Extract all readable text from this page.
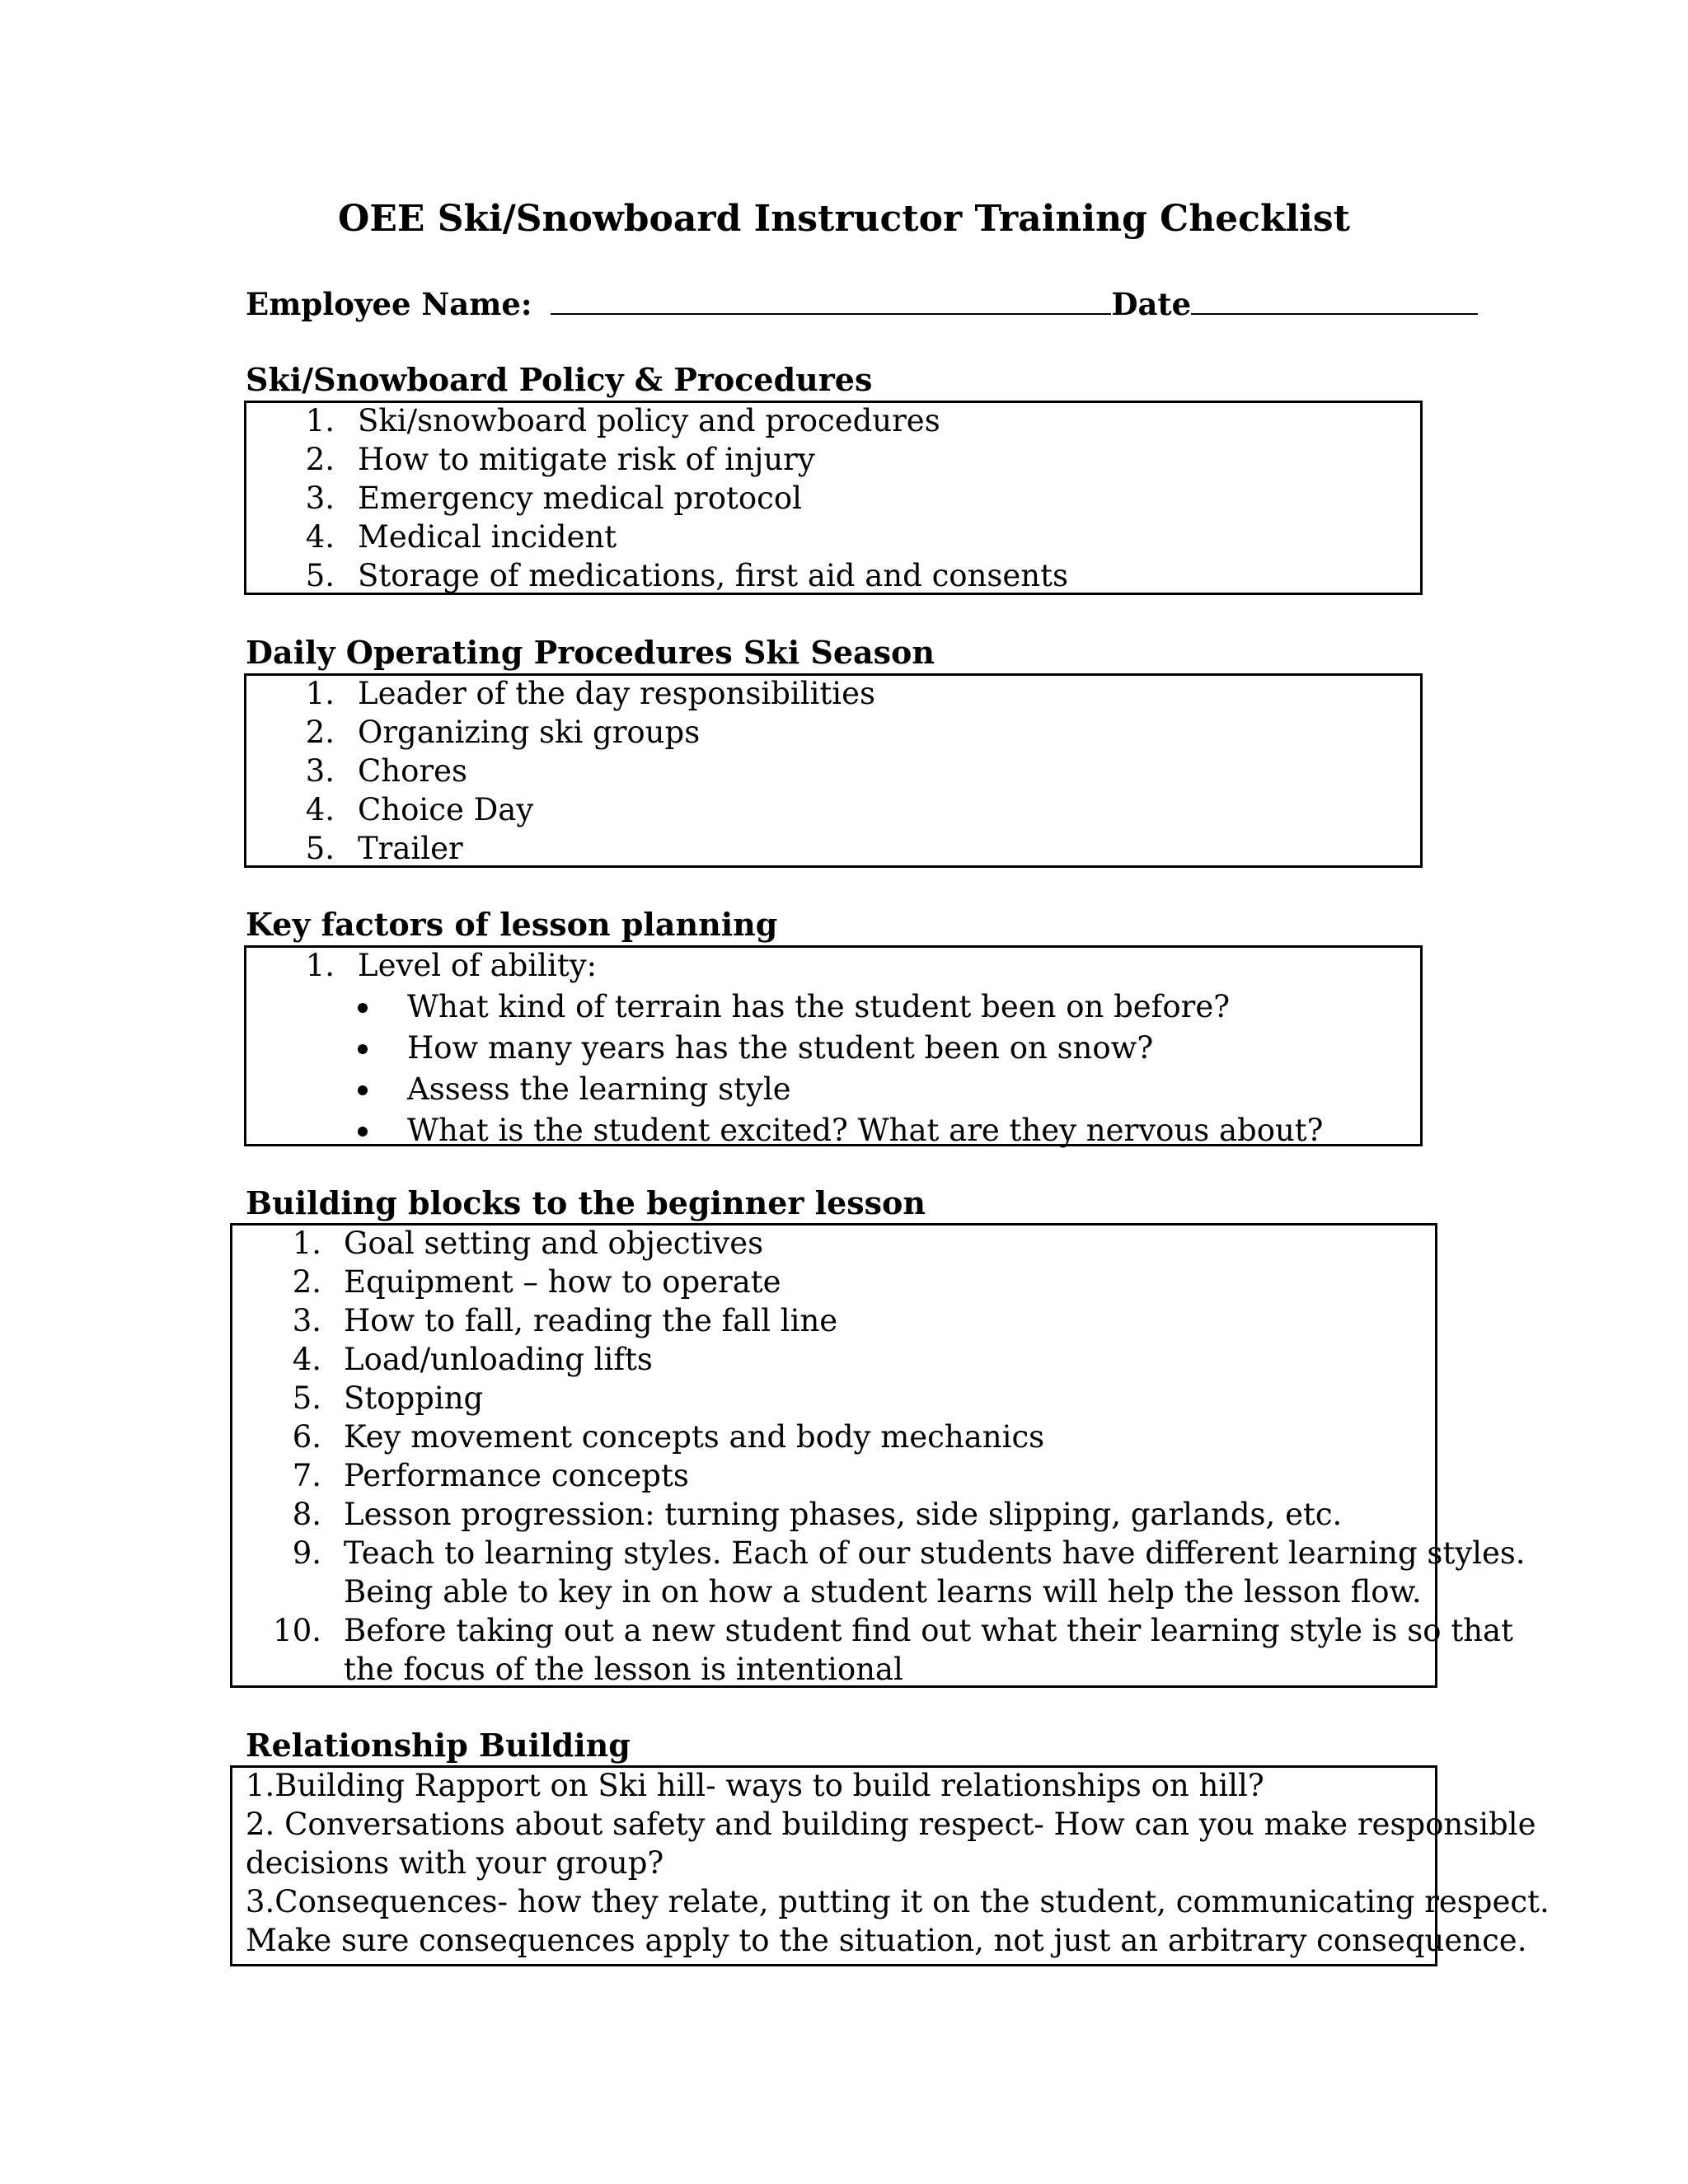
OEE Ski/Snowboard Instructor Training Checklist
Employee Name:	Date
Ski/Snowboard Policy & Procedures
1. Ski/snowboard policy and procedures
2. How to mitigate risk of injury
3. Emergency medical protocol
4. Medical incident
5. Storage of medications, first aid and consents
Daily Operating Procedures Ski Season
1. Leader of the day responsibilities
2. Organizing ski groups
3. Chores
4. Choice Day
5. Trailer
Key factors of lesson planning
1. Level of ability:
What kind of terrain has the student been on before?
How many years has the student been on snow?
Assess the learning style
What is the student excited? What are they nervous about?
Building blocks to the beginner lesson
1. Goal setting and objectives
2. Equipment – how to operate
3. How to fall, reading the fall line
4. Load/unloading lifts
5. Stopping
6. Key movement concepts and body mechanics
7. Performance concepts
8. Lesson progression: turning phases, side slipping, garlands, etc.
9. Teach to learning styles. Each of our students have different learning styles.
Being able to key in on how a student learns will help the lesson flow.
10. Before taking out a new student find out what their learning style is so that
the focus of the lesson is intentional
Relationship Building
1.Building Rapport on Ski hill- ways to build relationships on hill?
2. Conversations about safety and building respect- How can you make responsible
decisions with your group?
3.Consequences- how they relate, putting it on the student, communicating respect.
Make sure consequences apply to the situation, not just an arbitrary consequence.
